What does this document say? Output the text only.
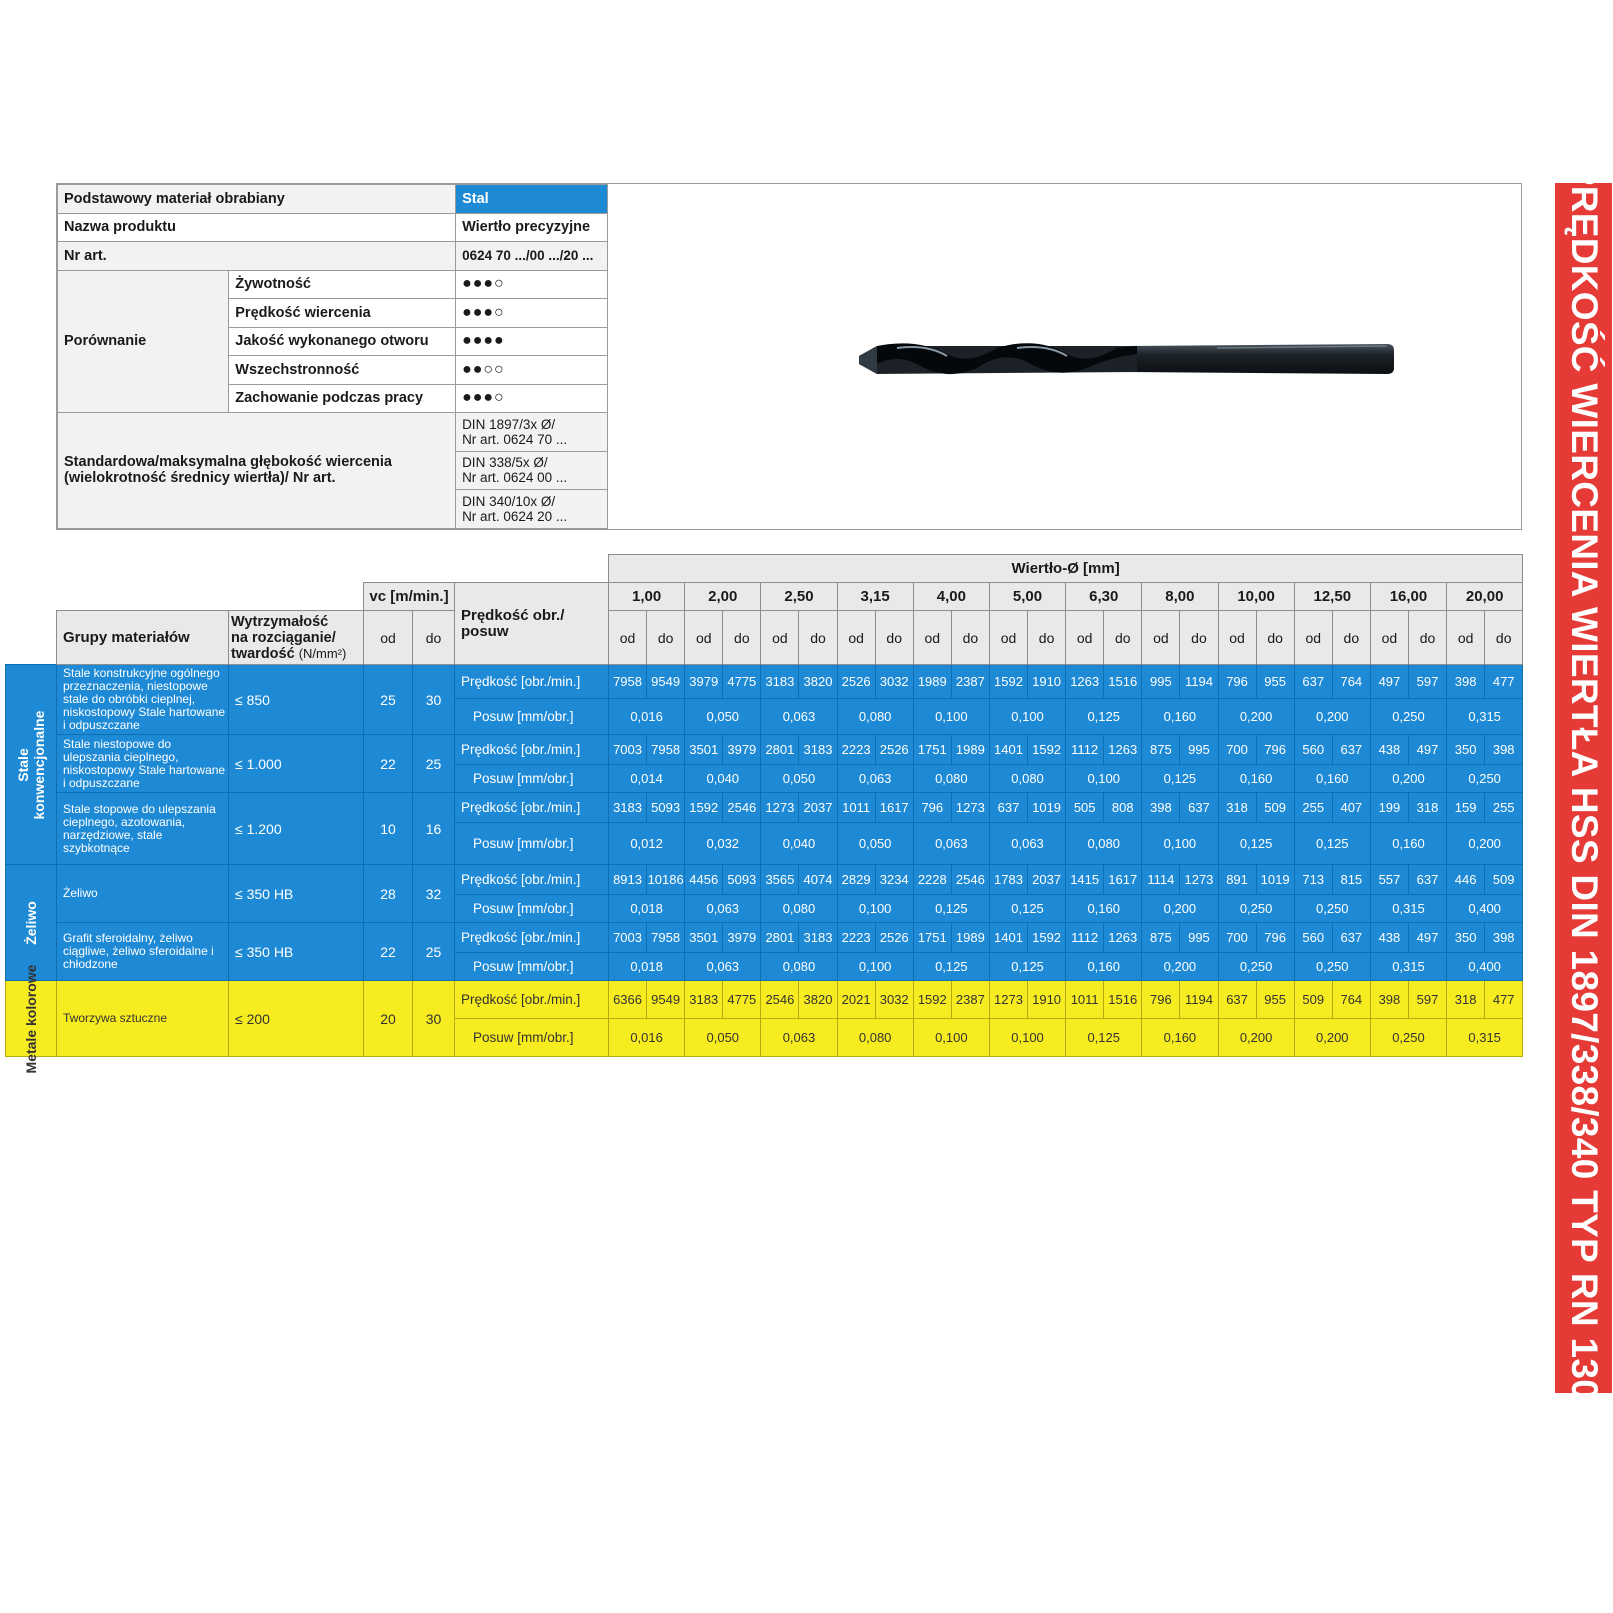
Podstawowy materiał obrabiany		Stal
Nazwa produktu		Wiertło precyzyjne
Nr art.		0624 70 .../00 .../20 ...
Porównanie	Żywotność	●●●○
	Prędkość wiercenia	●●●○
	Jakość wykonanego otworu	●●●●
	Wszechstronność	●●○○
	Zachowanie podczas pracy	●●●○
Standardowa/maksymalna głębokość wiercenia (wielokrotność średnicy wiertła)/ Nr art.		DIN 1897/3x Ø/
Nr art. 0624 70 ...

		DIN 338/5x Ø/
Nr art. 0624 00 ...

		DIN 340/10x Ø/
Nr art. 0624 20 ...	PRĘDKOŚĆ WIERCENIA WIERTŁA HSS DIN 1897/338/340 TYP RN 130°
						Wiertło-Ø [mm]																							
			vc [m/min.]		Prędkość obr./ posuw	1,00		2,00		2,50		3,15		4,00		5,00		6,30		8,00		10,00		12,50		16,00		20,00	
	Grupy materiałów	Wytrzymałość
na rozciąganie/
twardość (N/mm²)	od	do		od	do	od	do	od	do	od	do	od	do	od	do	od	do	od	do	od	do	od	do	od	do	od	do

Stale konwencjonalne	Stale konstrukcyjne ogólnego przeznaczenia, niestopowe stale do obróbki cieplnej, niskostopowy Stale hartowane i odpuszczane	≤ 850	25	30	Prędkość [obr./min.]	7958	9549	3979	4775	3183	3820	2526	3032	1989	2387	1592	1910	1263	1516	995	1194	796	955	637	764	497	597	398	477
					Posuw [mm/obr.]	0,016		0,050		0,063		0,080		0,100		0,100		0,125		0,160		0,200		0,200		0,250		0,315	
	Stale niestopowe do ulepszania cieplnego, niskostopowy Stale hartowane i odpuszczane	≤ 1.000	22	25	Prędkość [obr./min.]	7003	7958	3501	3979	2801	3183	2223	2526	1751	1989	1401	1592	1112	1263	875	995	700	796	560	637	438	497	350	398
					Posuw [mm/obr.]	0,014		0,040		0,050		0,063		0,080		0,080		0,100		0,125		0,160		0,160		0,200		0,250	
	Stale stopowe do ulepszania cieplnego, azotowania, narzędziowe, stale szybkotnące	≤ 1.200	10	16	Prędkość [obr./min.]	3183	5093	1592	2546	1273	2037	1011	1617	796	1273	637	1019	505	808	398	637	318	509	255	407	199	318	159	255
					Posuw [mm/obr.]	0,012		0,032		0,040		0,050		0,063		0,063		0,080		0,100		0,125		0,125		0,160		0,200	

Żeliwo	Żeliwo	≤ 350 HB	28	32	Prędkość [obr./min.]	8913	10186	4456	5093	3565	4074	2829	3234	2228	2546	1783	2037	1415	1617	1114	1273	891	1019	713	815	557	637	446	509
					Posuw [mm/obr.]	0,018		0,063		0,080		0,100		0,125		0,125		0,160		0,200		0,250		0,250		0,315		0,400	
	Grafit sferoidalny, żeliwo ciągliwe, żeliwo sferoidalne i chłodzone	≤ 350 HB	22	25	Prędkość [obr./min.]	7003	7958	3501	3979	2801	3183	2223	2526	1751	1989	1401	1592	1112	1263	875	995	700	796	560	637	438	497	350	398
					Posuw [mm/obr.]	0,018		0,063		0,080		0,100		0,125		0,125		0,160		0,200		0,250		0,250		0,315		0,400	

Metale kolorowe	Tworzywa sztuczne	≤ 200	20	30	Prędkość [obr./min.]	6366	9549	3183	4775	2546	3820	2021	3032	1592	2387	1273	1910	1011	1516	796	1194	637	955	509	764	398	597	318	477
					Posuw [mm/obr.]	0,016		0,050		0,063		0,080		0,100		0,100		0,125		0,160		0,200		0,200		0,250		0,315	
